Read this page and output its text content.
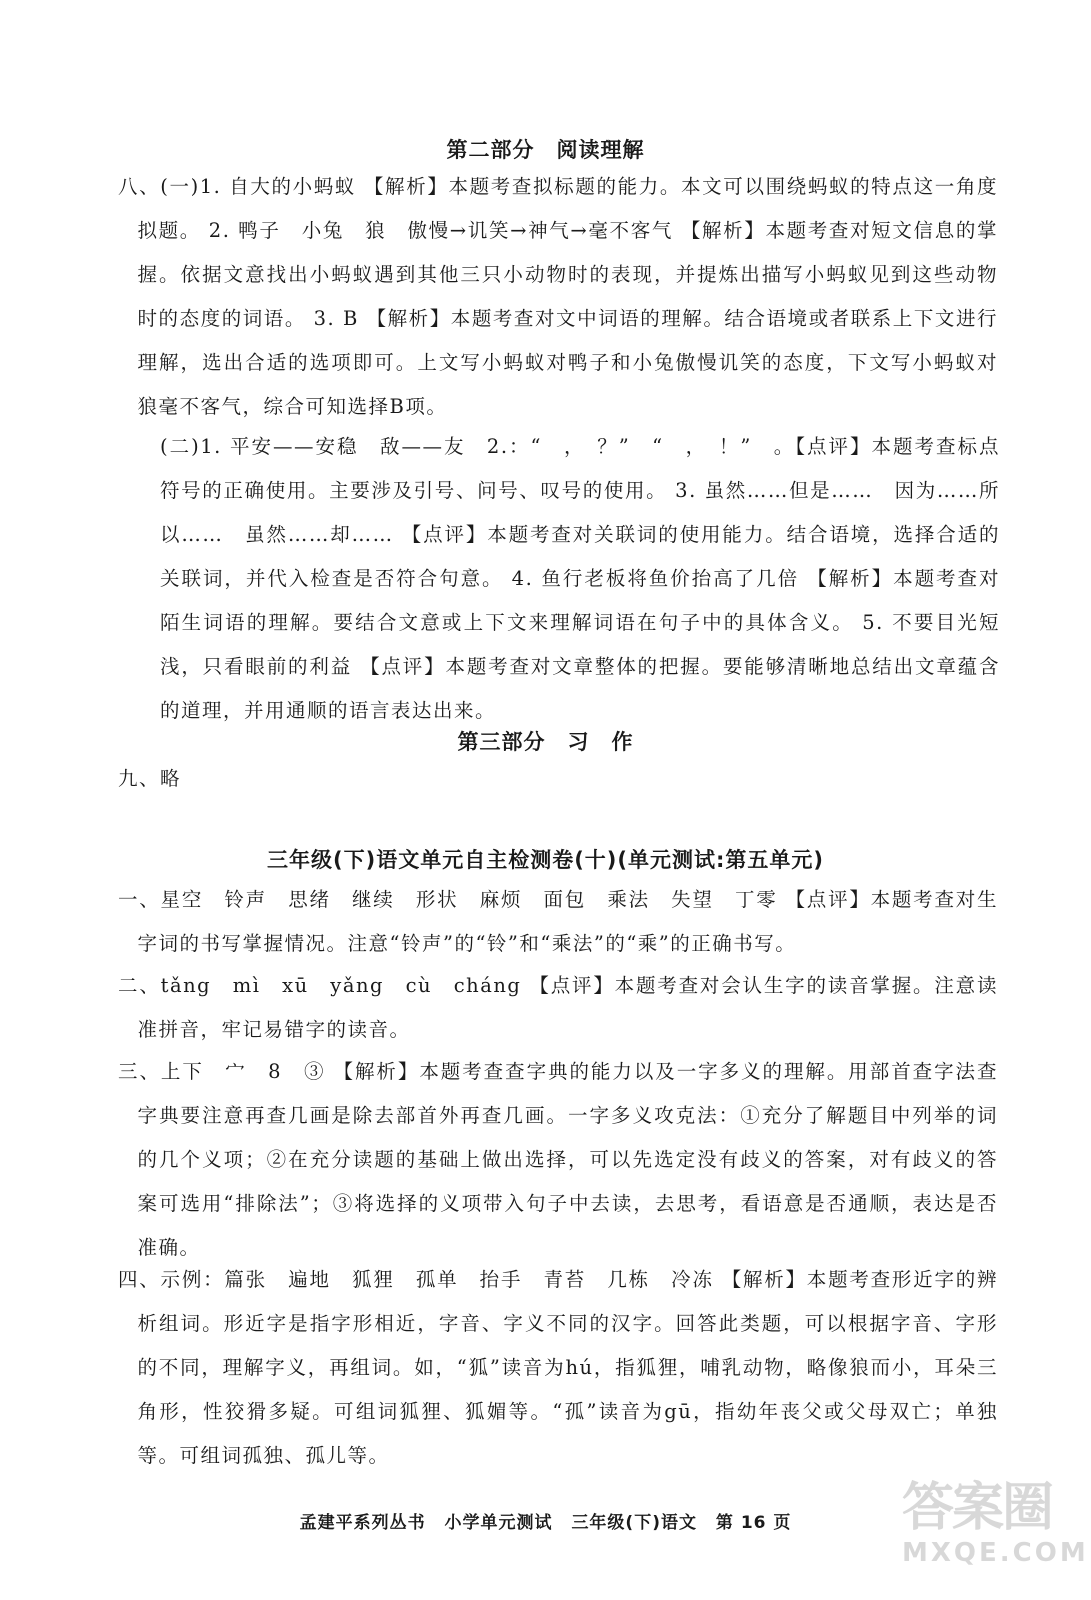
第二部分　阅读理解
八、(一)1. 自大的小蚂蚁 【解析】本题考查拟标题的能力。本文可以围绕蚂蚁的特点这一角度拟题。 2. 鸭子　小兔　狼　傲慢→讥笑→神气→毫不客气 【解析】本题考查对短文信息的掌握。依据文意找出小蚂蚁遇到其他三只小动物时的表现，并提炼出描写小蚂蚁见到这些动物时的态度的词语。 3. B 【解析】本题考查对文中词语的理解。结合语境或者联系上下文进行理解，选出合适的选项即可。上文写小蚂蚁对鸭子和小兔傲慢讥笑的态度，下文写小蚂蚁对狼毫不客气，综合可知选择B项。
(二)1. 平安——安稳　敌——友　2.：“　，　？”　“　，　！”　。【点评】本题考查标点符号的正确使用。主要涉及引号、问号、叹号的使用。 3. 虽然……但是……　因为……所以……　虽然……却…… 【点评】本题考查对关联词的使用能力。结合语境，选择合适的关联词，并代入检查是否符合句意。 4. 鱼行老板将鱼价抬高了几倍 【解析】本题考查对陌生词语的理解。要结合文意或上下文来理解词语在句子中的具体含义。 5. 不要目光短浅，只看眼前的利益 【点评】本题考查对文章整体的把握。要能够清晰地总结出文章蕴含的道理，并用通顺的语言表达出来。
第三部分　习　作
九、略
三年级(下)语文单元自主检测卷(十)(单元测试:第五单元)
一、星空　铃声　思绪　继续　形状　麻烦　面包　乘法　失望　丁零 【点评】本题考查对生字词的书写掌握情况。注意“铃声”的“铃”和“乘法”的“乘”的正确书写。
二、tǎng　mì　xū　yǎng　cù　cháng 【点评】本题考查对会认生字的读音掌握。注意读准拼音，牢记易错字的读音。
三、上下　宀　8　③ 【解析】本题考查查字典的能力以及一字多义的理解。用部首查字法查字典要注意再查几画是除去部首外再查几画。一字多义攻克法：①充分了解题目中列举的词的几个义项；②在充分读题的基础上做出选择，可以先选定没有歧义的答案，对有歧义的答案可选用“排除法”；③将选择的义项带入句子中去读，去思考，看语意是否通顺，表达是否准确。
四、示例：篇张　遍地　狐狸　孤单　抬手　青苔　几栋　冷冻 【解析】本题考查形近字的辨析组词。形近字是指字形相近，字音、字义不同的汉字。回答此类题，可以根据字音、字形的不同，理解字义，再组词。如，“狐”读音为hú，指狐狸，哺乳动物，略像狼而小，耳朵三角形，性狡猾多疑。可组词狐狸、狐媚等。“孤”读音为gū，指幼年丧父或父母双亡；单独等。可组词孤独、孤儿等。
孟建平系列丛书 小学单元测试 三年级(下)语文 第 16 页	答案圈
MXQE.COM
